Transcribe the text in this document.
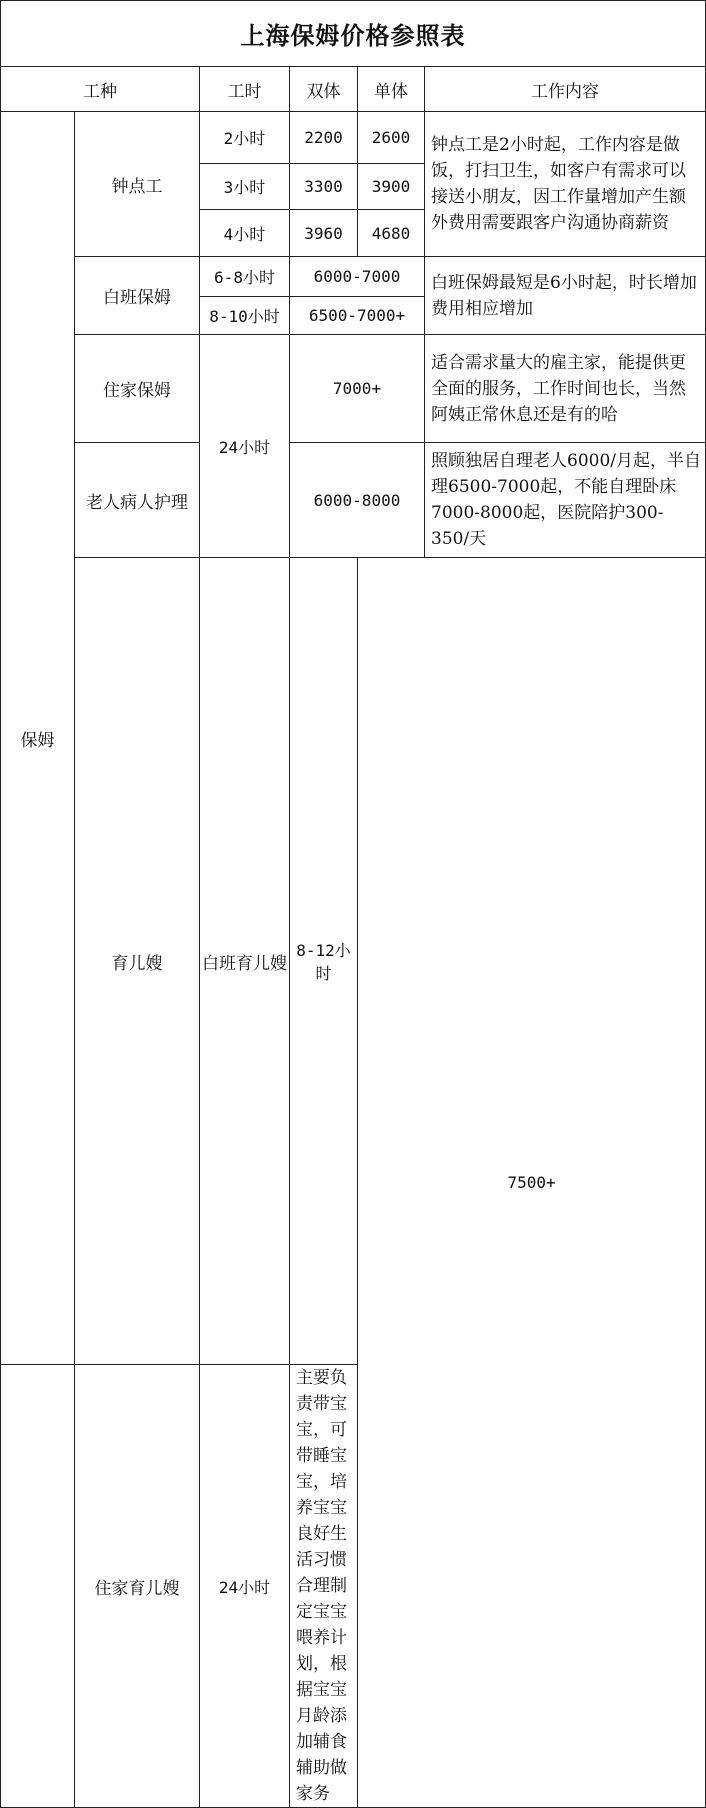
上海保姆价格参照表						
工种		工时	双体	单体	工作内容	
保姆	钟点工	2小时	2200	2600	钟点工是2小时起，工作内容是做饭，打扫卫生，如客户有需求可以接送小朋友，因工作量增加产生额外费用需要跟客户沟通协商薪资	
		3小时	3300	3900		
		4小时	3960	4680		
	白班保姆	6-8小时	6000-7000		白班保姆最短是6小时起，时长增加费用相应增加	
		8-10小时	6500-7000+			
	住家保姆	24小时	7000+		适合需求量大的雇主家，能提供更全面的服务，工作时间也长，当然阿姨正常休息还是有的哈	
	老人病人护理		6000-8000		照顾独居自理老人6000/月起，半自理6500-7000起，不能自理卧床7000-8000起，医院陪护300-350/天	
	育儿嫂	白班育儿嫂	8-12小时	7500+	
	住家育儿嫂	24小时	主要负责带宝宝，可带睡宝宝，培养宝宝良好生活习惯合理制定宝宝喂养计划，根据宝宝月龄添加辅食辅助做家务			
